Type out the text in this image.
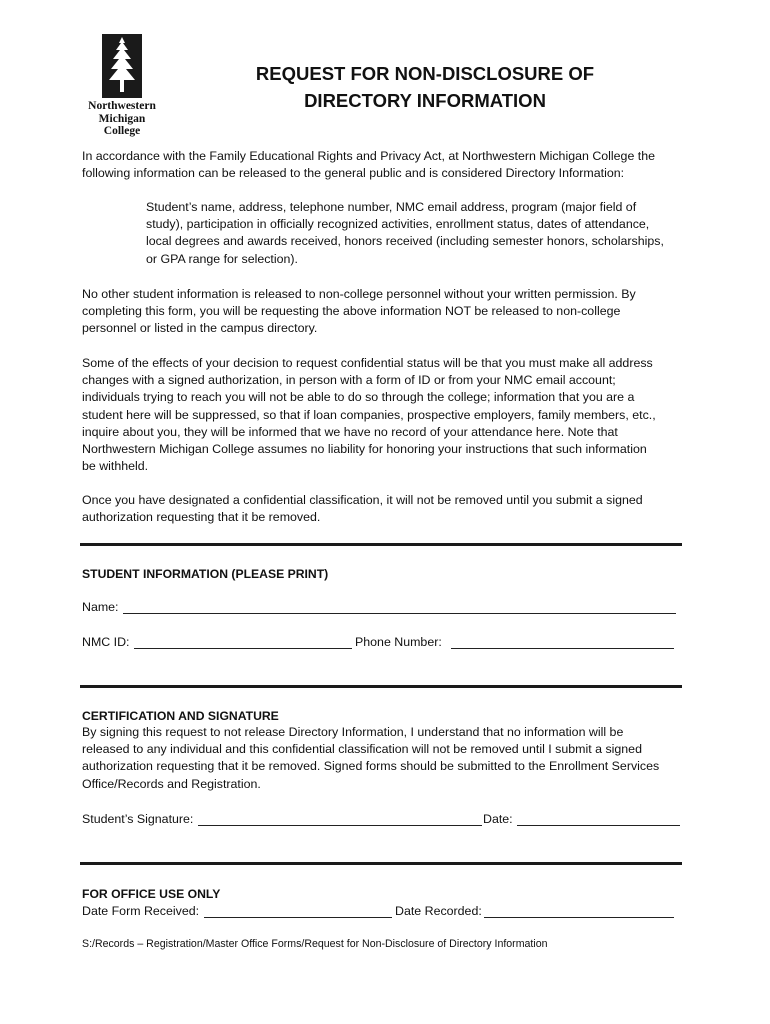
Northwestern
Michigan
College
REQUEST FOR NON-DISCLOSURE OF
DIRECTORY INFORMATION
In accordance with the Family Educational Rights and Privacy Act, at Northwestern Michigan College the
following information can be released to the general public and is considered Directory Information:
Student’s name, address, telephone number, NMC email address, program (major field of
study), participation in officially recognized activities, enrollment status, dates of attendance,
local degrees and awards received, honors received (including semester honors, scholarships,
or GPA range for selection).
No other student information is released to non-college personnel without your written permission. By
completing this form, you will be requesting the above information NOT be released to non-college
personnel or listed in the campus directory.
Some of the effects of your decision to request confidential status will be that you must make all address
changes with a signed authorization, in person with a form of ID or from your NMC email account;
individuals trying to reach you will not be able to do so through the college; information that you are a
student here will be suppressed, so that if loan companies, prospective employers, family members, etc.,
inquire about you, they will be informed that we have no record of your attendance here. Note that
Northwestern Michigan College assumes no liability for honoring your instructions that such information
be withheld.
Once you have designated a confidential classification, it will not be removed until you submit a signed
authorization requesting that it be removed.
STUDENT INFORMATION (PLEASE PRINT)
Name:
NMC ID:	Phone Number:
CERTIFICATION AND SIGNATURE
By signing this request to not release Directory Information, I understand that no information will be
released to any individual and this confidential classification will not be removed until I submit a signed
authorization requesting that it be removed. Signed forms should be submitted to the Enrollment Services
Office/Records and Registration.
Student’s Signature:	Date:
FOR OFFICE USE ONLY
Date Form Received:	Date Recorded:
S:/Records – Registration/Master Office Forms/Request for Non-Disclosure of Directory Information
